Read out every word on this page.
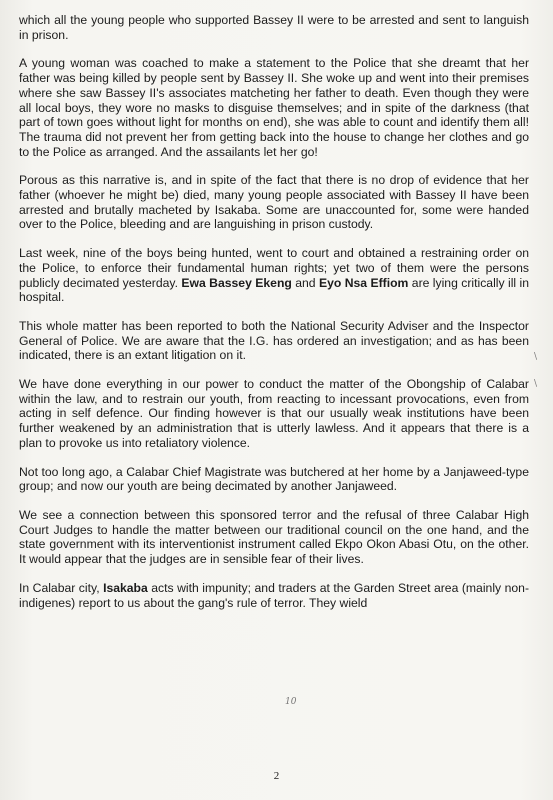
which all the young people who supported Bassey II were to be arrested and sent to languish in prison.

A young woman was coached to make a statement to the Police that she dreamt that her father was being killed by people sent by Bassey II. She woke up and went into their premises where she saw Bassey II's associates matcheting her father to death. Even though they were all local boys, they wore no masks to disguise themselves; and in spite of the darkness (that part of town goes without light for months on end), she was able to count and identify them all! The trauma did not prevent her from getting back into the house to change her clothes and go to the Police as arranged. And the assailants let her go!

Porous as this narrative is, and in spite of the fact that there is no drop of evidence that her father (whoever he might be) died, many young people associated with Bassey II have been arrested and brutally macheted by Isakaba. Some are unaccounted for, some were handed over to the Police, bleeding and are languishing in prison custody.

Last week, nine of the boys being hunted, went to court and obtained a restraining order on the Police, to enforce their fundamental human rights; yet two of them were the persons publicly decimated yesterday. Ewa Bassey Ekeng and Eyo Nsa Effiom are lying critically ill in hospital.

This whole matter has been reported to both the National Security Adviser and the Inspector General of Police. We are aware that the I.G. has ordered an investigation; and as has been indicated, there is an extant litigation on it.

We have done everything in our power to conduct the matter of the Obongship of Calabar within the law, and to restrain our youth, from reacting to incessant provocations, even from acting in self defence. Our finding however is that our usually weak institutions have been further weakened by an administration that is utterly lawless. And it appears that there is a plan to provoke us into retaliatory violence.

Not too long ago, a Calabar Chief Magistrate was butchered at her home by a Janjaweed-type group; and now our youth are being decimated by another Janjaweed.

We see a connection between this sponsored terror and the refusal of three Calabar High Court Judges to handle the matter between our traditional council on the one hand, and the state government with its interventionist instrument called Ekpo Okon Abasi Otu, on the other. It would appear that the judges are in sensible fear of their lives.

In Calabar city, Isakaba acts with impunity; and traders at the Garden Street area (mainly non-indigenes) report to us about the gang's rule of terror. They wield

\
\
10
2
